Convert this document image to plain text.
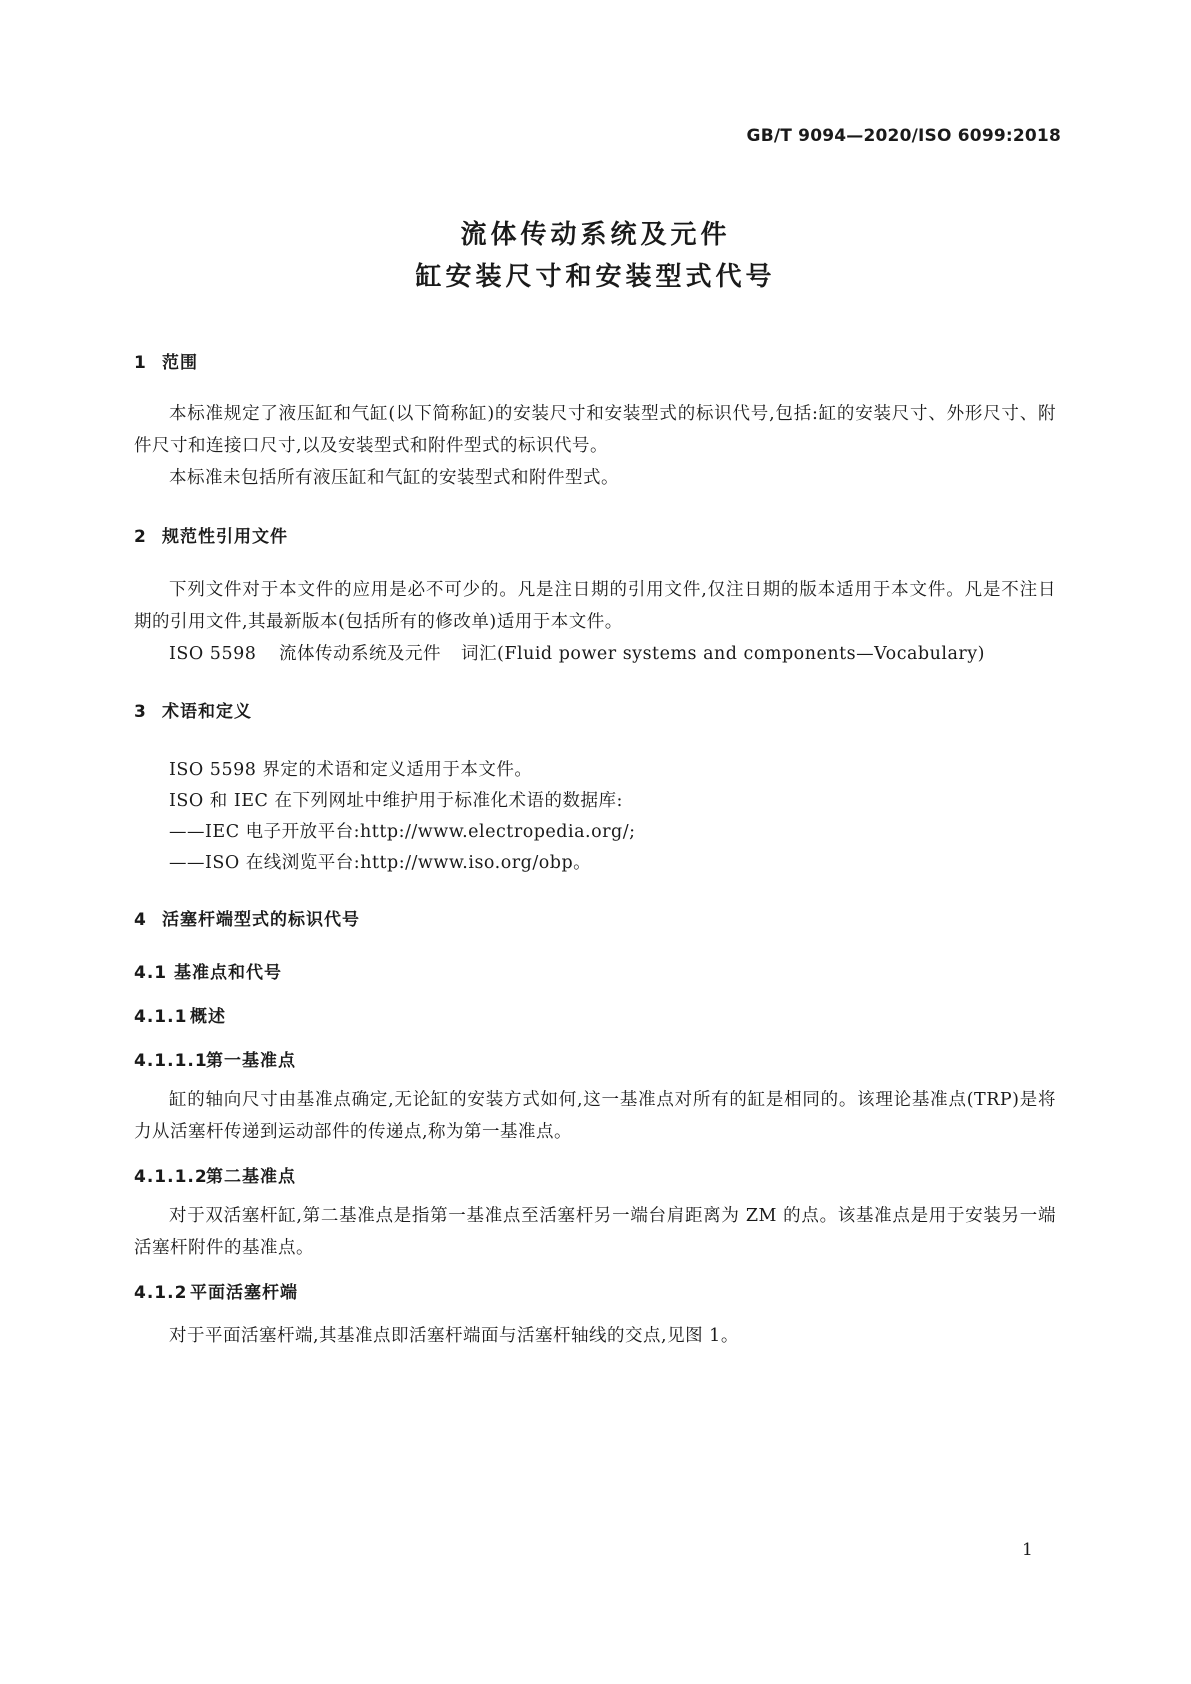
GB/T 9094—2020/ISO 6099:2018
流体传动系统及元件
缸安装尺寸和安装型式代号
1 范围
本标准规定了液压缸和气缸(以下简称缸)的安装尺寸和安装型式的标识代号,包括:缸的安装尺寸、外形尺寸、附件尺寸和连接口尺寸,以及安装型式和附件型式的标识代号。
本标准未包括所有液压缸和气缸的安装型式和附件型式。
2 规范性引用文件
下列文件对于本文件的应用是必不可少的。凡是注日期的引用文件,仅注日期的版本适用于本文件。凡是不注日期的引用文件,其最新版本(包括所有的修改单)适用于本文件。
ISO 5598 流体传动系统及元件 词汇(Fluid power systems and components—Vocabulary)
3 术语和定义
ISO 5598 界定的术语和定义适用于本文件。
ISO 和 IEC 在下列网址中维护用于标准化术语的数据库:
——IEC 电子开放平台:http://www.electropedia.org/;
——ISO 在线浏览平台:http://www.iso.org/obp。
4 活塞杆端型式的标识代号
4.1 基准点和代号
4.1.1 概述
4.1.1.1第一基准点
缸的轴向尺寸由基准点确定,无论缸的安装方式如何,这一基准点对所有的缸是相同的。该理论基准点(TRP)是将力从活塞杆传递到运动部件的传递点,称为第一基准点。
4.1.1.2第二基准点
对于双活塞杆缸,第二基准点是指第一基准点至活塞杆另一端台肩距离为 ZM 的点。该基准点是用于安装另一端活塞杆附件的基准点。
4.1.2 平面活塞杆端
对于平面活塞杆端,其基准点即活塞杆端面与活塞杆轴线的交点,见图 1。
1
